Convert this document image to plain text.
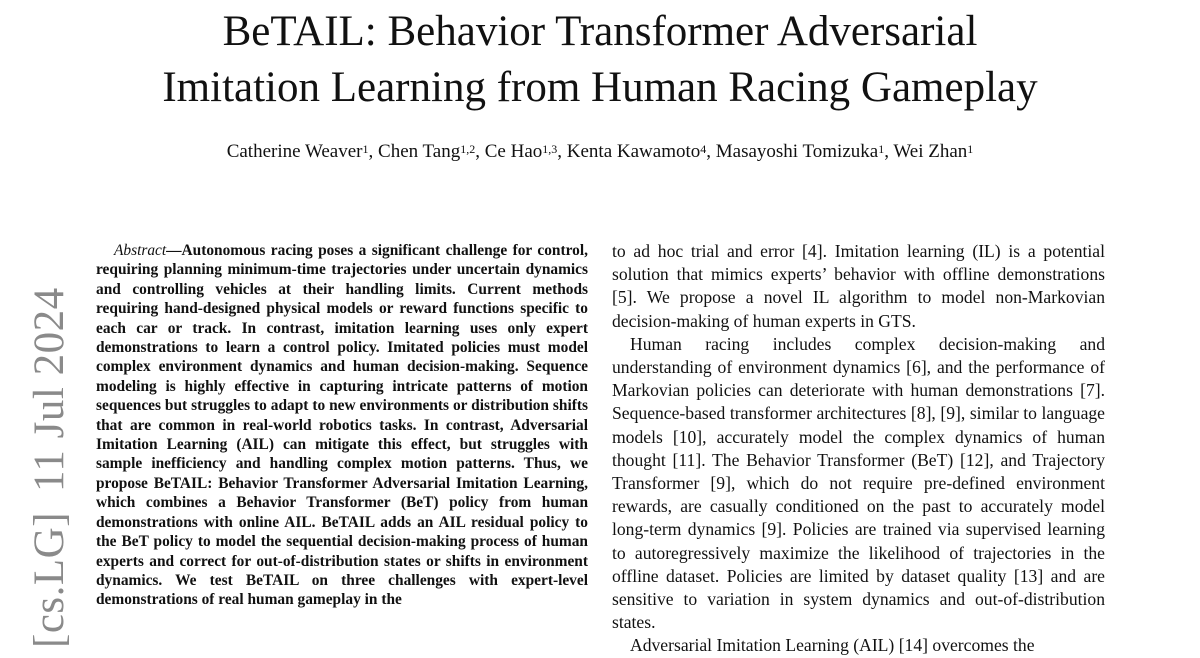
BeTAIL: Behavior Transformer Adversarial
Imitation Learning from Human Racing Gameplay
Catherine Weaver$^1$, Chen Tang$^{1,2}$, Ce Hao$^{1,3}$, Kenta Kawamoto$^4$, Masayoshi Tomizuka$^1$, Wei Zhan$^1$
[cs.LG]11 Jul 2024

Abstract—Autonomous racing poses a significant challenge for control, requiring planning minimum-time trajectories under uncertain dynamics and controlling vehicles at their handling limits. Current methods requiring hand-designed physical models or reward functions specific to each car or track. In contrast, imitation learning uses only expert demonstrations to learn a control policy. Imitated policies must model complex environment dynamics and human decision-making. Sequence modeling is highly effective in capturing intricate patterns of motion sequences but struggles to adapt to new environments or distribution shifts that are common in real-world robotics tasks. In contrast, Adversarial Imitation Learning (AIL) can mitigate this effect, but struggles with sample inefficiency and handling complex motion patterns. Thus, we propose BeTAIL: Behavior Transformer Adversarial Imitation Learning, which combines a Behavior Transformer (BeT) policy from human demonstrations with online AIL. BeTAIL adds an AIL residual policy to the BeT policy to model the sequential decision-making process of human experts and correct for out-of-distribution states or shifts in environment dynamics. We test BeTAIL on three challenges with expert-level demonstrations of real human gameplay in the

to ad hoc trial and error [4]. Imitation learning (IL) is a potential solution that mimics experts’ behavior with offline demonstrations [5]. We propose a novel IL algorithm to model non-Markovian decision-making of human experts in GTS.

Human racing includes complex decision-making and understanding of environment dynamics [6], and the performance of Markovian policies can deteriorate with human demonstrations [7]. Sequence-based transformer architectures [8], [9], similar to language models [10], accurately model the complex dynamics of human thought [11]. The Behavior Transformer (BeT) [12], and Trajectory Transformer [9], which do not require pre-defined environment rewards, are casually conditioned on the past to accurately model long-term dynamics [9]. Policies are trained via supervised learning to autoregressively maximize the likelihood of trajectories in the offline dataset. Policies are limited by dataset quality [13] and are sensitive to variation in system dynamics and out-of-distribution states.

Adversarial Imitation Learning (AIL) [14] overcomes the
